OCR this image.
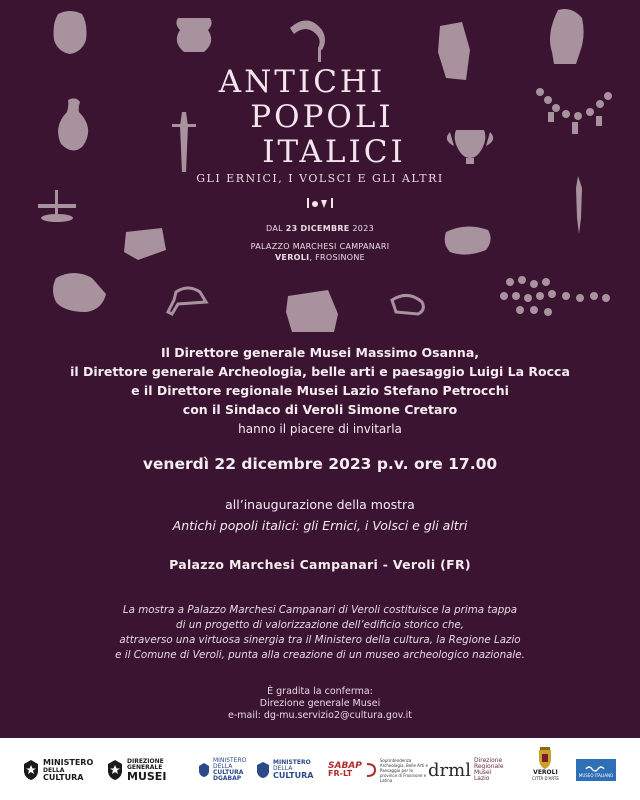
ANTICHI
POPOLI
ITALICI
GLI ERNICI, I VOLSCI E GLI ALTRI
DAL 23 DICEMBRE 2023
PALAZZO MARCHESI CAMPANARI
VEROLI, FROSINONE
Il Direttore generale Musei Massimo Osanna,
il Direttore generale Archeologia, belle arti e paesaggio Luigi La Rocca
e il Direttore regionale Musei Lazio Stefano Petrocchi
con il Sindaco di Veroli Simone Cretaro
hanno il piacere di invitarla
venerdì 22 dicembre 2023 p.v. ore 17.00
all’inaugurazione della mostra
Antichi popoli italici: gli Ernici, i Volsci e gli altri
Palazzo Marchesi Campanari - Veroli (FR)
La mostra a Palazzo Marchesi Campanari di Veroli costituisce la prima tappa
di un progetto di valorizzazione dell’edificio storico che,
attraverso una virtuosa sinergia tra il Ministero della cultura, la Regione Lazio
e il Comune di Veroli, punta alla creazione di un museo archeologico nazionale.
È gradita la conferma:
Direzione generale Musei
e-mail: dg-mu.servizio2@cultura.gov.it
MINISTERO
DELLA
CULTURA
DIREZIONE
GENERALE
MUSEI
MINISTERO
DELLA
CULTURA
DGABAP
MINISTERO
DELLA
CULTURA
SABAP
FR-LT
Soprintendenza Archeologia, Belle Arti e Paesaggio per le province di Frosinone e Latina	drml Direzione
Regionale
Musei
Lazio
VEROLI
CITTÀ D'ARTE
MUSEO ITALIANO
